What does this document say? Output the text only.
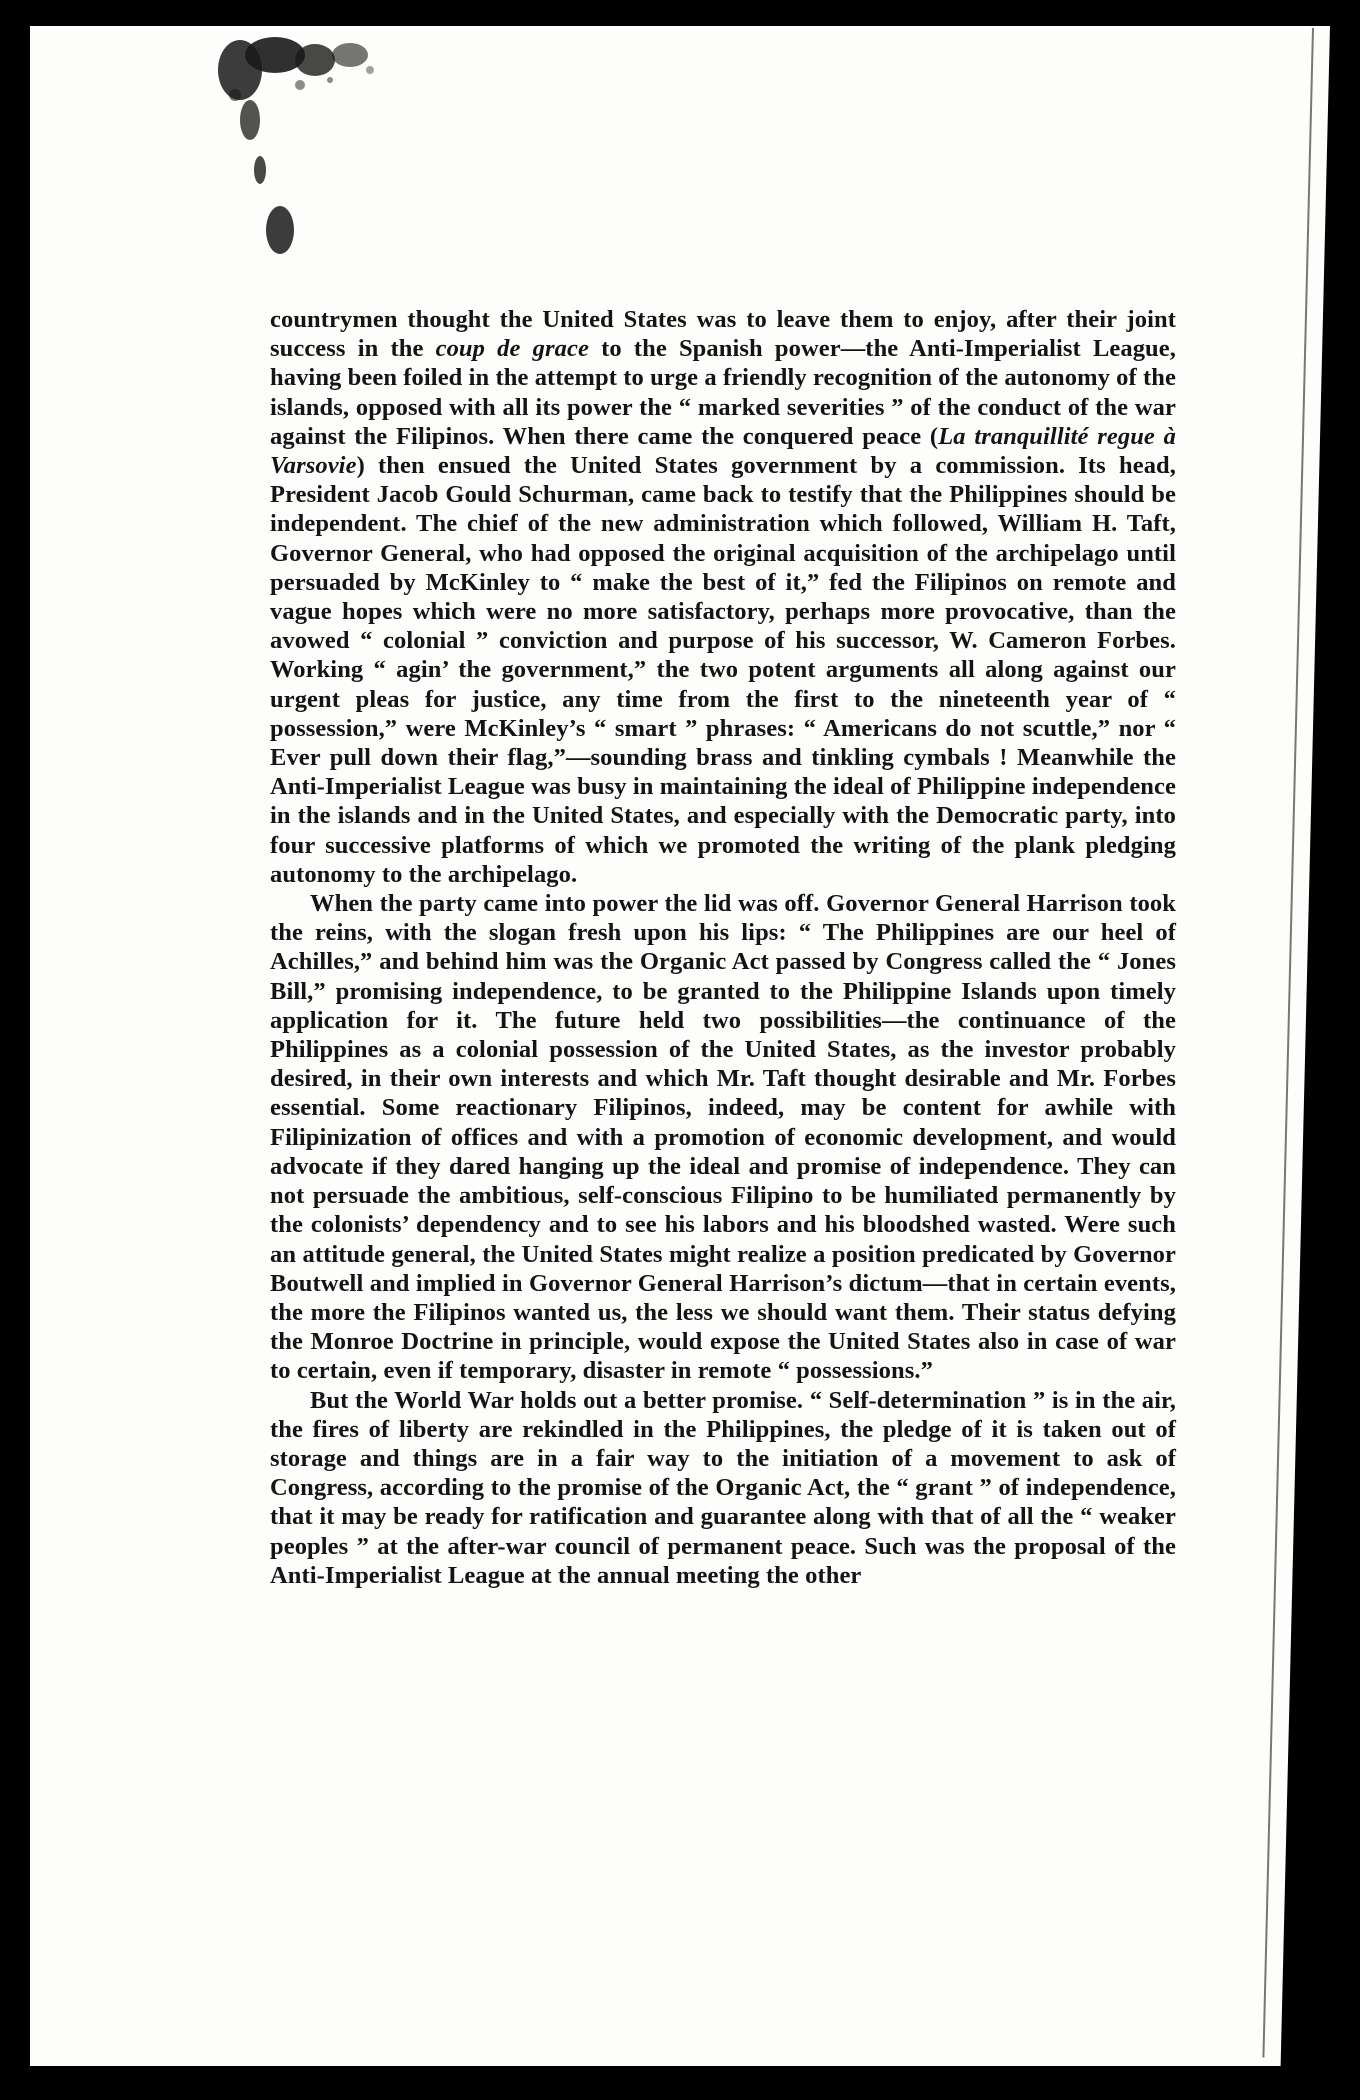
countrymen thought the United States was to leave them to enjoy, after their joint success in the coup de grace to the Spanish power—the Anti-Imperialist League, having been foiled in the attempt to urge a friendly recognition of the autonomy of the islands, opposed with all its power the “ marked severities ” of the conduct of the war against the Filipinos. When there came the conquered peace (La tranquillité regue à Varsovie) then ensued the United States government by a commission. Its head, President Jacob Gould Schurman, came back to testify that the Philippines should be independent. The chief of the new administration which followed, William H. Taft, Governor General, who had opposed the original acquisition of the archipelago until persuaded by McKinley to “ make the best of it,” fed the Filipinos on remote and vague hopes which were no more satisfactory, perhaps more provocative, than the avowed “ colonial ” conviction and purpose of his successor, W. Cameron Forbes. Working “ agin’ the government,” the two potent arguments all along against our urgent pleas for justice, any time from the first to the nineteenth year of “ possession,” were McKinley’s “ smart ” phrases: “ Americans do not scuttle,” nor “ Ever pull down their flag,”—sounding brass and tinkling cymbals ! Meanwhile the Anti-Imperialist League was busy in maintaining the ideal of Philippine independence in the islands and in the United States, and especially with the Democratic party, into four successive platforms of which we promoted the writing of the plank pledging autonomy to the archipelago.

When the party came into power the lid was off. Governor General Harrison took the reins, with the slogan fresh upon his lips: “ The Philippines are our heel of Achilles,” and behind him was the Organic Act passed by Congress called the “ Jones Bill,” promising independence, to be granted to the Philippine Islands upon timely application for it. The future held two possibilities—the continuance of the Philippines as a colonial possession of the United States, as the investor probably desired, in their own interests and which Mr. Taft thought desirable and Mr. Forbes essential. Some reactionary Filipinos, indeed, may be content for awhile with Filipinization of offices and with a promotion of economic development, and would advocate if they dared hanging up the ideal and promise of independence. They can not persuade the ambitious, self-conscious Filipino to be humiliated permanently by the colonists’ dependency and to see his labors and his bloodshed wasted. Were such an attitude general, the United States might realize a position predicated by Governor Boutwell and implied in Governor General Harrison’s dictum—that in certain events, the more the Filipinos wanted us, the less we should want them. Their status defying the Monroe Doctrine in principle, would expose the United States also in case of war to certain, even if temporary, disaster in remote “ possessions.”

But the World War holds out a better promise. “ Self-determination ” is in the air, the fires of liberty are rekindled in the Philippines, the pledge of it is taken out of storage and things are in a fair way to the initiation of a movement to ask of Congress, according to the promise of the Organic Act, the “ grant ” of independence, that it may be ready for ratification and guarantee along with that of all the “ weaker peoples ” at the after-war council of permanent peace. Such was the proposal of the Anti-Imperialist League at the annual meeting the other
